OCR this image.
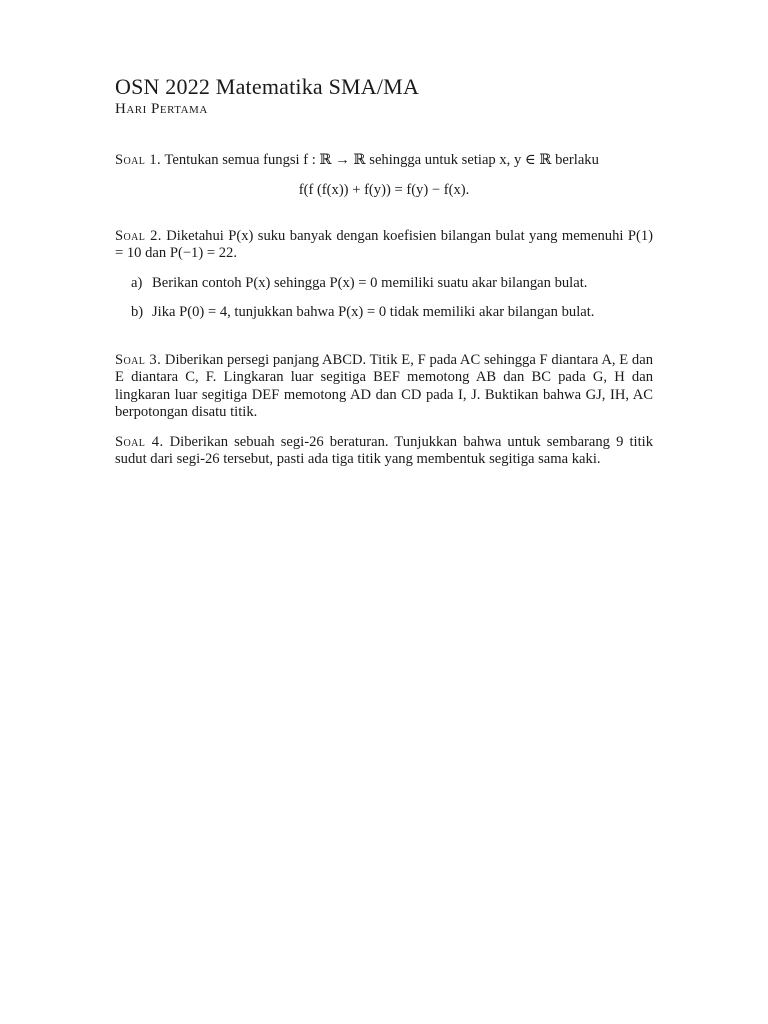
OSN 2022 Matematika SMA/MA
Hari Pertama

Soal 1. Tentukan semua fungsi f : ℝ → ℝ sehingga untuk setiap x, y ∈ ℝ berlaku

f(f (f(x)) + f(y)) = f(y) − f(x).

Soal 2. Diketahui P(x) suku banyak dengan koefisien bilangan bulat yang memenuhi P(1) = 10 dan P(−1) = 22.

a) Berikan contoh P(x) sehingga P(x) = 0 memiliki suatu akar bilangan bulat.
b) Jika P(0) = 4, tunjukkan bahwa P(x) = 0 tidak memiliki akar bilangan bulat.

Soal 3. Diberikan persegi panjang ABCD. Titik E, F pada AC sehingga F diantara A, E dan E diantara C, F. Lingkaran luar segitiga BEF memotong AB dan BC pada G, H dan lingkaran luar segitiga DEF memotong AD dan CD pada I, J. Buktikan bahwa GJ, IH, AC berpotongan disatu titik.

Soal 4. Diberikan sebuah segi-26 beraturan. Tunjukkan bahwa untuk sembarang 9 titik sudut dari segi-26 tersebut, pasti ada tiga titik yang membentuk segitiga sama kaki.
